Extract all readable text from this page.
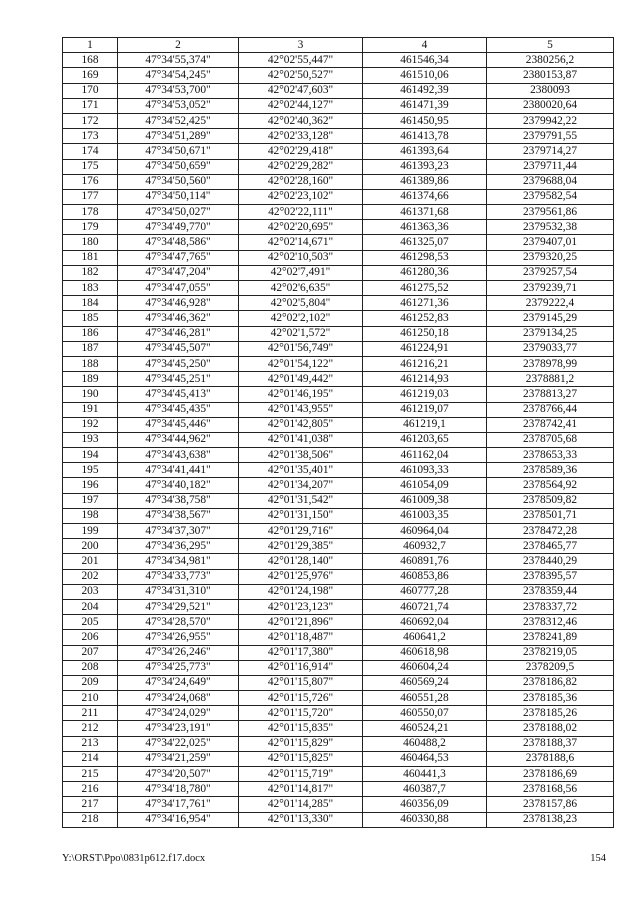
1	2	3	4	5
168	47°34'55,374"	42°02'55,447"	461546,34	2380256,2
169	47°34'54,245"	42°02'50,527"	461510,06	2380153,87
170	47°34'53,700"	42°02'47,603"	461492,39	2380093
171	47°34'53,052"	42°02'44,127"	461471,39	2380020,64
172	47°34'52,425"	42°02'40,362"	461450,95	2379942,22
173	47°34'51,289"	42°02'33,128"	461413,78	2379791,55
174	47°34'50,671"	42°02'29,418"	461393,64	2379714,27
175	47°34'50,659"	42°02'29,282"	461393,23	2379711,44
176	47°34'50,560"	42°02'28,160"	461389,86	2379688,04
177	47°34'50,114"	42°02'23,102"	461374,66	2379582,54
178	47°34'50,027"	42°02'22,111"	461371,68	2379561,86
179	47°34'49,770"	42°02'20,695"	461363,36	2379532,38
180	47°34'48,586"	42°02'14,671"	461325,07	2379407,01
181	47°34'47,765"	42°02'10,503"	461298,53	2379320,25
182	47°34'47,204"	42°02'7,491"	461280,36	2379257,54
183	47°34'47,055"	42°02'6,635"	461275,52	2379239,71
184	47°34'46,928"	42°02'5,804"	461271,36	2379222,4
185	47°34'46,362"	42°02'2,102"	461252,83	2379145,29
186	47°34'46,281"	42°02'1,572"	461250,18	2379134,25
187	47°34'45,507"	42°01'56,749"	461224,91	2379033,77
188	47°34'45,250"	42°01'54,122"	461216,21	2378978,99
189	47°34'45,251"	42°01'49,442"	461214,93	2378881,2
190	47°34'45,413"	42°01'46,195"	461219,03	2378813,27
191	47°34'45,435"	42°01'43,955"	461219,07	2378766,44
192	47°34'45,446"	42°01'42,805"	461219,1	2378742,41
193	47°34'44,962"	42°01'41,038"	461203,65	2378705,68
194	47°34'43,638"	42°01'38,506"	461162,04	2378653,33
195	47°34'41,441"	42°01'35,401"	461093,33	2378589,36
196	47°34'40,182"	42°01'34,207"	461054,09	2378564,92
197	47°34'38,758"	42°01'31,542"	461009,38	2378509,82
198	47°34'38,567"	42°01'31,150"	461003,35	2378501,71
199	47°34'37,307"	42°01'29,716"	460964,04	2378472,28
200	47°34'36,295"	42°01'29,385"	460932,7	2378465,77
201	47°34'34,981"	42°01'28,140"	460891,76	2378440,29
202	47°34'33,773"	42°01'25,976"	460853,86	2378395,57
203	47°34'31,310"	42°01'24,198"	460777,28	2378359,44
204	47°34'29,521"	42°01'23,123"	460721,74	2378337,72
205	47°34'28,570"	42°01'21,896"	460692,04	2378312,46
206	47°34'26,955"	42°01'18,487"	460641,2	2378241,89
207	47°34'26,246"	42°01'17,380"	460618,98	2378219,05
208	47°34'25,773"	42°01'16,914"	460604,24	2378209,5
209	47°34'24,649"	42°01'15,807"	460569,24	2378186,82
210	47°34'24,068"	42°01'15,726"	460551,28	2378185,36
211	47°34'24,029"	42°01'15,720"	460550,07	2378185,26
212	47°34'23,191"	42°01'15,835"	460524,21	2378188,02
213	47°34'22,025"	42°01'15,829"	460488,2	2378188,37
214	47°34'21,259"	42°01'15,825"	460464,53	2378188,6
215	47°34'20,507"	42°01'15,719"	460441,3	2378186,69
216	47°34'18,780"	42°01'14,817"	460387,7	2378168,56
217	47°34'17,761"	42°01'14,285"	460356,09	2378157,86
218	47°34'16,954"	42°01'13,330"	460330,88	2378138,23
Y:\ORST\Ppo\0831p612.f17.docx	154
